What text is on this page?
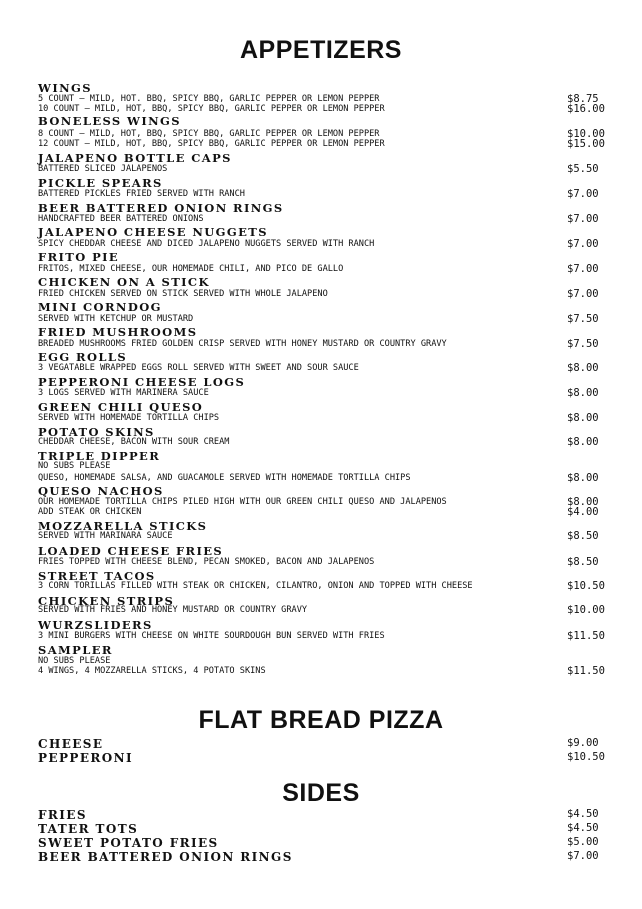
APPETIZERS
FLAT BREAD PIZZA
SIDES
WINGS
5 COUNT – MILD, HOT. BBQ, SPICY BBQ, GARLIC PEPPER OR LEMON PEPPER	$8.75
10 COUNT – MILD, HOT, BBQ, SPICY BBQ, GARLIC PEPPER OR LEMON PEPPER	$16.00
BONELESS WINGS
8 COUNT – MILD, HOT, BBQ, SPICY BBQ, GARLIC PEPPER OR LEMON PEPPER	$10.00
12 COUNT – MILD, HOT, BBQ, SPICY BBQ, GARLIC PEPPER OR LEMON PEPPER	$15.00
JALAPENO BOTTLE CAPS
BATTERED SLICED JALAPENOS	$5.50
PICKLE SPEARS
BATTERED PICKLES FRIED SERVED WITH RANCH	$7.00
BEER BATTERED ONION RINGS
HANDCRAFTED BEER BATTERED ONIONS	$7.00
JALAPENO CHEESE NUGGETS
SPICY CHEDDAR CHEESE AND DICED JALAPENO NUGGETS SERVED WITH RANCH	$7.00
FRITO PIE
FRITOS, MIXED CHEESE, OUR HOMEMADE CHILI, AND PICO DE GALLO	$7.00
CHICKEN ON A STICK
FRIED CHICKEN SERVED ON STICK SERVED WITH WHOLE JALAPENO	$7.00
MINI CORNDOG
SERVED WITH KETCHUP OR MUSTARD	$7.50
FRIED MUSHROOMS
BREADED MUSHROOMS FRIED GOLDEN CRISP SERVED WITH HONEY MUSTARD OR COUNTRY GRAVY	$7.50
EGG ROLLS
3 VEGATABLE WRAPPED EGGS ROLL SERVED WITH SWEET AND SOUR SAUCE	$8.00
PEPPERONI CHEESE LOGS
3 LOGS SERVED WITH MARINERA SAUCE	$8.00
GREEN CHILI QUESO
SERVED WITH HOMEMADE TORTILLA CHIPS	$8.00
POTATO SKINS
CHEDDAR CHEESE, BACON WITH SOUR CREAM	$8.00
TRIPLE DIPPER
NO SUBS PLEASE
QUESO, HOMEMADE SALSA, AND GUACAMOLE SERVED WITH HOMEMADE TORTILLA CHIPS	$8.00
QUESO NACHOS
OUR HOMEMADE TORTILLA CHIPS PILED HIGH WITH OUR GREEN CHILI QUESO AND JALAPENOS	$8.00
ADD STEAK OR CHICKEN	$4.00
MOZZARELLA STICKS
SERVED WITH MARINARA SAUCE	$8.50
LOADED CHEESE FRIES
FRIES TOPPED WITH CHEESE BLEND, PECAN SMOKED, BACON AND JALAPENOS	$8.50
STREET TACOS
3 CORN TORILLAS FILLED WITH STEAK OR CHICKEN, CILANTRO, ONION AND TOPPED WITH CHEESE	$10.50
CHICKEN STRIPS
SERVED WITH FRIES AND HONEY MUSTARD OR COUNTRY GRAVY	$10.00
WURZSLIDERS
3 MINI BURGERS WITH CHEESE ON WHITE SOURDOUGH BUN SERVED WITH FRIES	$11.50
SAMPLER
NO SUBS PLEASE
4 WINGS, 4 MOZZARELLA STICKS, 4 POTATO SKINS	$11.50
CHEESE	$9.00
PEPPERONI	$10.50
FRIES	$4.50
TATER TOTS	$4.50
SWEET POTATO FRIES	$5.00
BEER BATTERED ONION RINGS	$7.00
